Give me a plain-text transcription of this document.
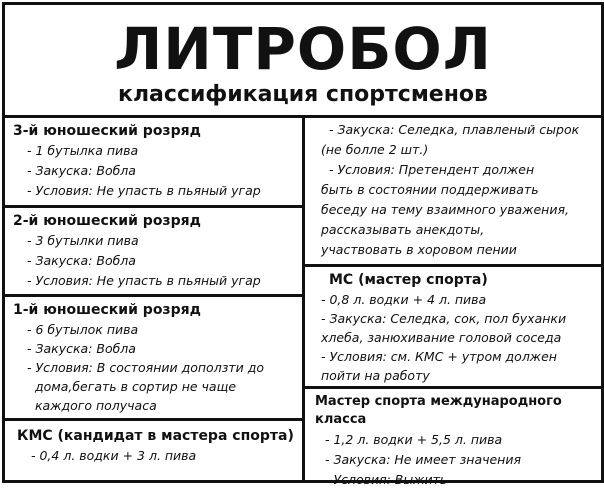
ЛИТРОБОЛ
классификация спортсменов
3-й юношеский розряд
- 1 бутылка пива
- Закуска: Вобла
- Условия: Не упасть в пьяный угар
2-й юношеский розряд
- 3 бутылки пива
- Закуска: Вобла
- Условия: Не упасть в пьяный угар
1-й юношеский розряд
- 6 бутылок пива
- Закуска: Вобла
- Условия: В состоянии доползти до
дома,бегать в сортир не чаще
каждого получаса
КМС (кандидат в мастера спорта)
- 0,4 л. водки + 3 л. пива
- Закуска: Селедка, плавленый сырок
(не болле 2 шт.)
- Условия: Претендент должен
быть в состоянии поддерживать
беседу на тему взаимного уважения,
рассказывать анекдоты,
участвовать в хоровом пении
МС (мастер спорта)
- 0,8 л. водки + 4 л. пива
- Закуска: Селедка, сок, пол буханки
хлеба, занюхивание головой соседа
- Условия: см. КМС + утром должен
пойти на работу
Мастер спорта международного класса
- 1,2 л. водки + 5,5 л. пива
- Закуска: Не имеет значения
- Условия: Выжить
